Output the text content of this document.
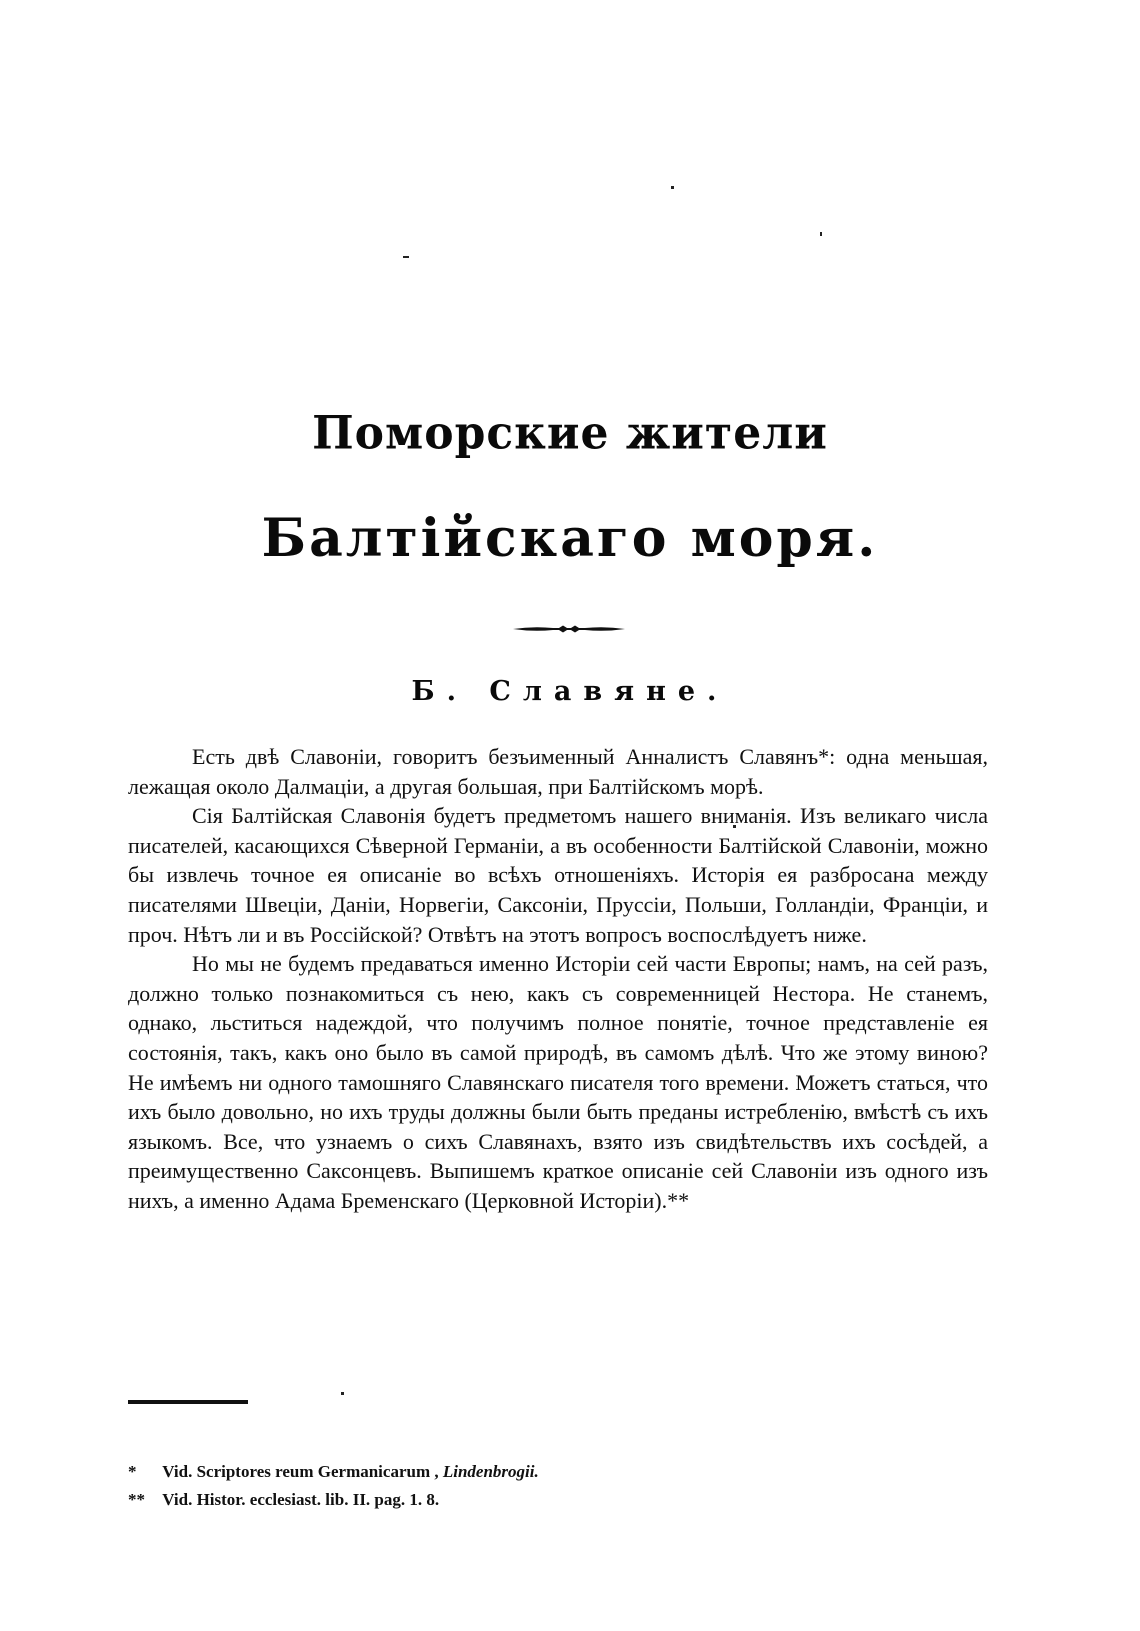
Поморские жители
Балтійскаго моря.
Б. Славяне.

Есть двѣ Славоніи, говоритъ безъименный Анналистъ Славянъ*: одна меньшая, лежащая около Далмаціи, а другая большая, при Балтійскомъ морѣ.

Сія Балтійская Славонія будетъ предметомъ нашего вниманія. Изъ великаго числа писателей, касающихся Сѣверной Германіи, а въ особенности Балтійской Славоніи, можно бы извлечь точное ея описаніе во всѣхъ отношеніяхъ. Исторія ея разбросана между писателями Швеціи, Даніи, Норвегіи, Саксоніи, Пруссіи, Польши, Голландіи, Франціи, и проч. Нѣтъ ли и въ Россійской? Отвѣтъ на этотъ вопросъ воспослѣдуетъ ниже.

Но мы не будемъ предаваться именно Исторіи сей части Европы; намъ, на сей разъ, должно только познакомиться съ нею, какъ съ современницей Нестора. Не станемъ, однако, льститься надеждой, что получимъ полное понятіе, точное представленіе ея состоянія, такъ, какъ оно было въ самой природѣ, въ самомъ дѣлѣ. Что же этому виною? Не имѣемъ ни одного тамошняго Славянскаго писателя того времени. Можетъ статься, что ихъ было довольно, но ихъ труды должны были быть преданы истребленію, вмѣстѣ съ ихъ языкомъ. Все, что узнаемъ о сихъ Славянахъ, взято изъ свидѣтельствъ ихъ сосѣдей, а преимущественно Саксонцевъ. Выпишемъ краткое описаніе сей Славоніи изъ одного изъ нихъ, а именно Адама Бременскаго (Церковной Исторіи).**

* Vid. Scriptores reum Germanicarum , Lindenbrogii.
** Vid. Histor. ecclesiast. lib. II. pag. 1. 8.
